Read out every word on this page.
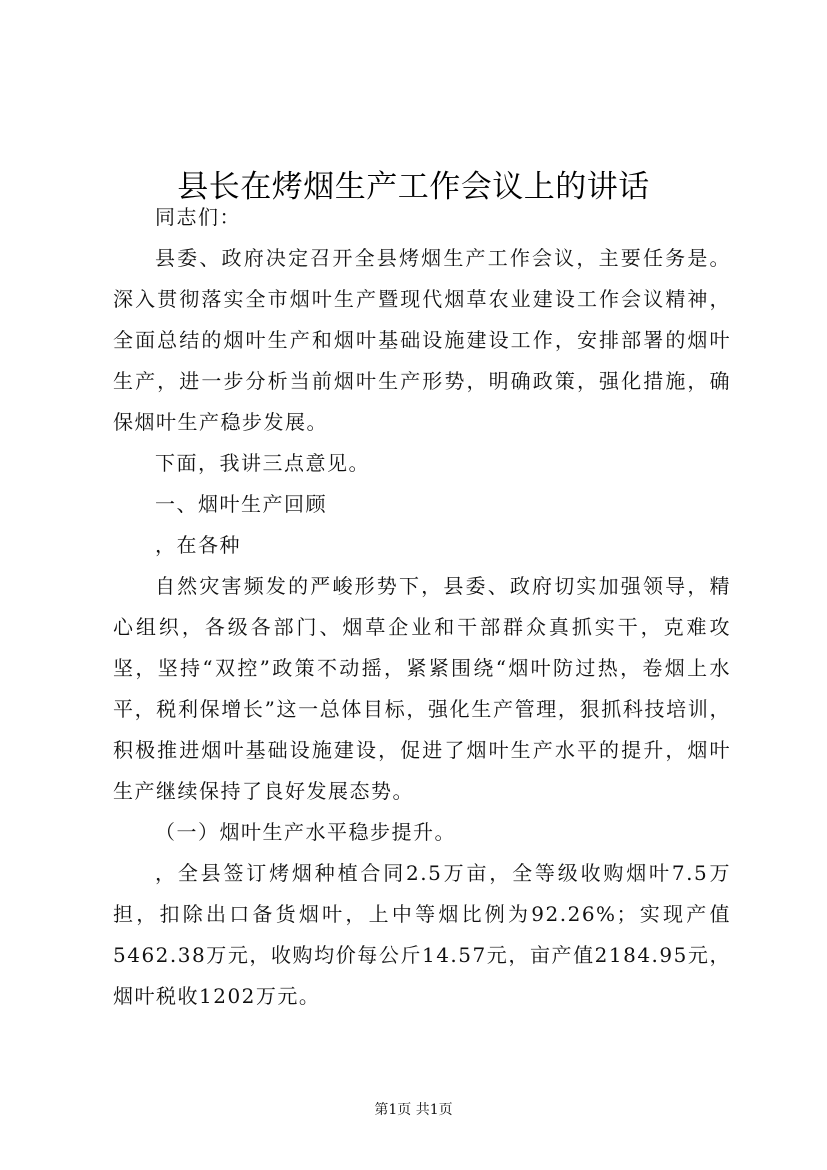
县长在烤烟生产工作会议上的讲话

同志们：

县委、政府决定召开全县烤烟生产工作会议，主要任务是。深入贯彻落实全市烟叶生产暨现代烟草农业建设工作会议精神，全面总结的烟叶生产和烟叶基础设施建设工作，安排部署的烟叶生产，进一步分析当前烟叶生产形势，明确政策，强化措施，确保烟叶生产稳步发展。

下面，我讲三点意见。

一、烟叶生产回顾

，在各种

自然灾害频发的严峻形势下，县委、政府切实加强领导，精心组织，各级各部门、烟草企业和干部群众真抓实干，克难攻坚，坚持“双控”政策不动摇，紧紧围绕“烟叶防过热，卷烟上水平，税利保增长”这一总体目标，强化生产管理，狠抓科技培训，积极推进烟叶基础设施建设，促进了烟叶生产水平的提升，烟叶生产继续保持了良好发展态势。

（一）烟叶生产水平稳步提升。

，全县签订烤烟种植合同2.5万亩，全等级收购烟叶7.5万担，扣除出口备货烟叶，上中等烟比例为92.26%；实现产值5462.38万元，收购均价每公斤14.57元，亩产值2184.95元，烟叶税收1202万元。

第1页 共1页
